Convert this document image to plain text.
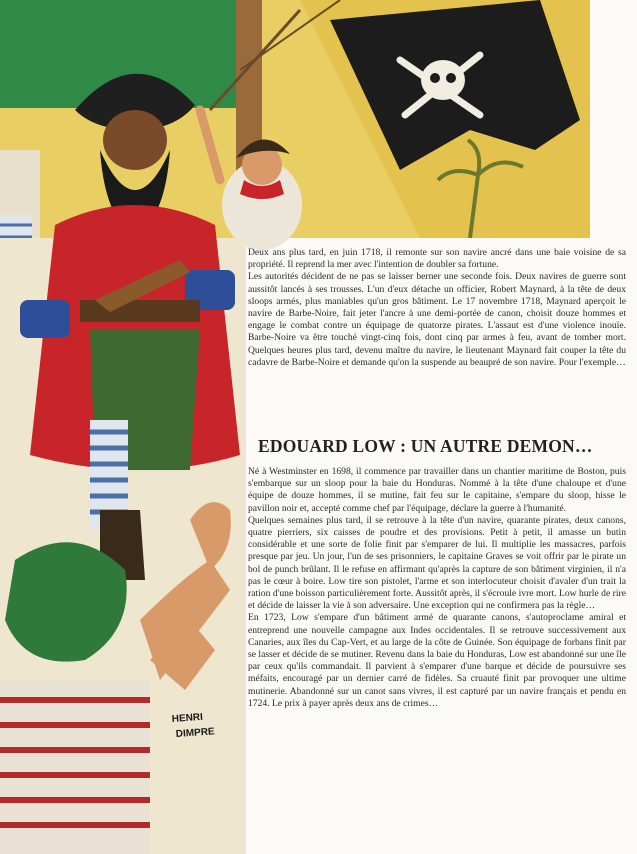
HENRI
DIMPRE

Deux ans plus tard, en juin 1718, il remonte sur son navire ancré dans une baie voisine de sa propriété. Il reprend la mer avec l'intention de doubler sa fortune.

Les autorités décident de ne pas se laisser berner une seconde fois. Deux navires de guerre sont aussitôt lancés à ses trousses. L'un d'eux détache un officier, Robert Maynard, à la tête de deux sloops armés, plus maniables qu'un gros bâtiment. Le 17 novembre 1718, Maynard aperçoit le navire de Barbe-Noire, fait jeter l'ancre à une demi-portée de canon, choisit douze hommes et engage le combat contre un équipage de quatorze pirates. L'assaut est d'une violence inouïe. Barbe-Noire va être touché vingt-cinq fois, dont cinq par armes à feu, avant de tomber mort. Quelques heures plus tard, devenu maître du navire, le lieutenant Maynard fait couper la tête du cadavre de Barbe-Noire et demande qu'on la suspende au beaupré de son navire. Pour l'exemple…

EDOUARD LOW : UN AUTRE DEMON…

Né à Westminster en 1698, il commence par travailler dans un chantier maritime de Boston, puis s'embarque sur un sloop pour la baie du Honduras. Nommé à la tête d'une chaloupe et d'une équipe de douze hommes, il se mutine, fait feu sur le capitaine, s'empare du sloop, hisse le pavillon noir et, accepté comme chef par l'équipage, déclare la guerre à l'humanité.

Quelques semaines plus tard, il se retrouve à la tête d'un navire, quarante pirates, deux canons, quatre pierriers, six caisses de poudre et des provisions. Petit à petit, il amasse un butin considérable et une sorte de folie finit par s'emparer de lui. Il multiplie les massacres, parfois presque par jeu. Un jour, l'un de ses prisonniers, le capitaine Graves se voit offrir par le pirate un bol de punch brûlant. Il le refuse en affirmant qu'après la capture de son bâtiment virginien, il n'a pas le cœur à boire. Low tire son pistolet, l'arme et son interlocuteur choisit d'avaler d'un trait la ration d'une boisson particulièrement forte. Aussitôt après, il s'écroule ivre mort. Low hurle de rire et décide de laisser la vie à son adversaire. Une exception qui ne confirmera pas la règle…

En 1723, Low s'empare d'un bâtiment armé de quarante canons, s'autoproclame amiral et entreprend une nouvelle campagne aux Indes occidentales. Il se retrouve successivement aux Canaries, aux îles du Cap-Vert, et au large de la côte de Guinée. Son équipage de forbans finit par se lasser et décide de se mutiner. Revenu dans la baie du Honduras, Low est abandonné sur une île par ceux qu'ils commandait. Il parvient à s'emparer d'une barque et décide de poursuivre ses méfaits, encouragé par un dernier carré de fidèles. Sa cruauté finit par provoquer une ultime mutinerie. Abandonné sur un canot sans vivres, il est capturé par un navire français et pendu en 1724. Le prix à payer après deux ans de crimes…
